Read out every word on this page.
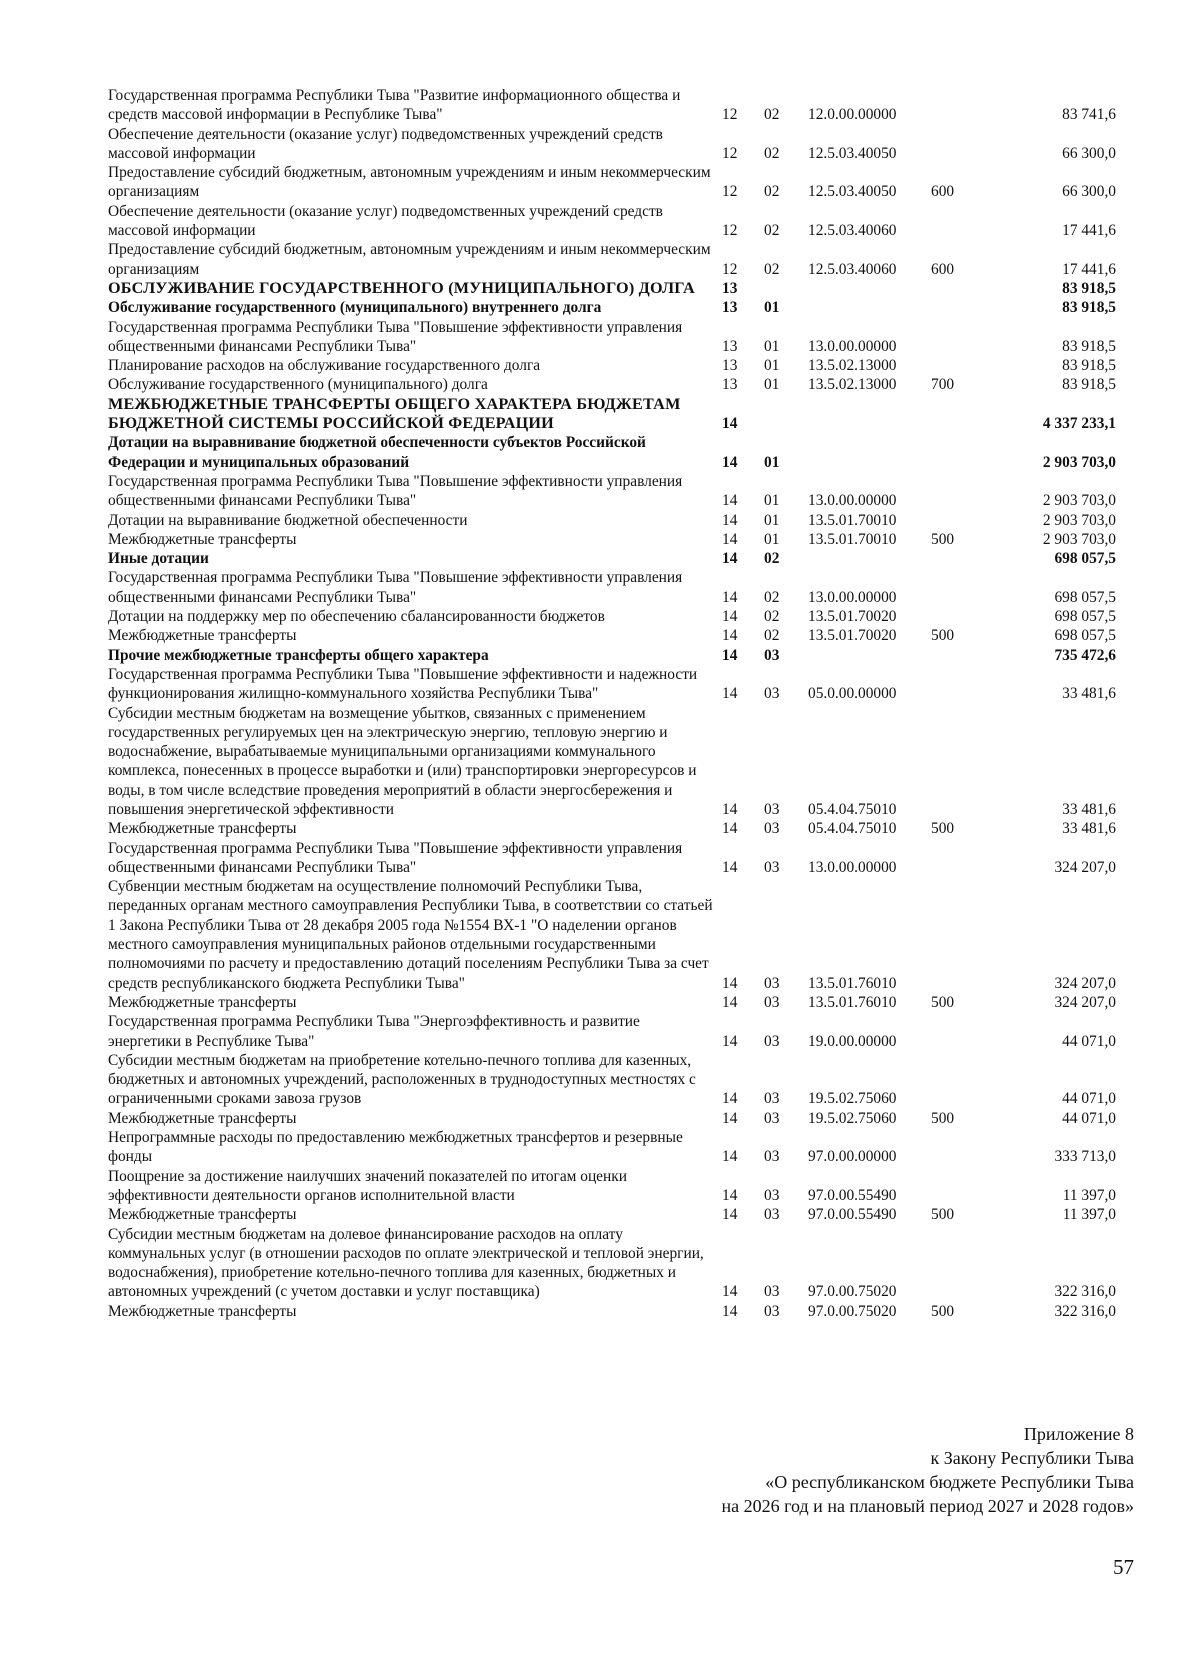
Государственная программа Республики Тыва "Развитие информационного общества и средств массовой информации в Республике Тыва"	12	02	12.0.00.00000		83 741,6
Обеспечение деятельности (оказание услуг) подведомственных учреждений средств массовой информации	12	02	12.5.03.40050		66 300,0
Предоставление субсидий бюджетным, автономным учреждениям и иным некоммерческим организациям	12	02	12.5.03.40050	600	66 300,0
Обеспечение деятельности (оказание услуг) подведомственных учреждений средств массовой информации	12	02	12.5.03.40060		17 441,6
Предоставление субсидий бюджетным, автономным учреждениям и иным некоммерческим организациям	12	02	12.5.03.40060	600	17 441,6
ОБСЛУЖИВАНИЕ ГОСУДАРСТВЕННОГО (МУНИЦИПАЛЬНОГО) ДОЛГА	13				83 918,5
Обслуживание государственного (муниципального) внутреннего долга	13	01			83 918,5
Государственная программа Республики Тыва "Повышение эффективности управления общественными финансами Республики Тыва"	13	01	13.0.00.00000		83 918,5
Планирование расходов на обслуживание государственного долга	13	01	13.5.02.13000		83 918,5
Обслуживание государственного (муниципального) долга	13	01	13.5.02.13000	700	83 918,5
МЕЖБЮДЖЕТНЫЕ ТРАНСФЕРТЫ ОБЩЕГО ХАРАКТЕРА БЮДЖЕТАМ БЮДЖЕТНОЙ СИСТЕМЫ РОССИЙСКОЙ ФЕДЕРАЦИИ	14				4 337 233,1
Дотации на выравнивание бюджетной обеспеченности субъектов Российской Федерации и муниципальных образований	14	01			2 903 703,0
Государственная программа Республики Тыва "Повышение эффективности управления общественными финансами Республики Тыва"	14	01	13.0.00.00000		2 903 703,0
Дотации на выравнивание бюджетной обеспеченности	14	01	13.5.01.70010		2 903 703,0
Межбюджетные трансферты	14	01	13.5.01.70010	500	2 903 703,0
Иные дотации	14	02			698 057,5
Государственная программа Республики Тыва "Повышение эффективности управления общественными финансами Республики Тыва"	14	02	13.0.00.00000		698 057,5
Дотации на поддержку мер по обеспечению сбалансированности бюджетов	14	02	13.5.01.70020		698 057,5
Межбюджетные трансферты	14	02	13.5.01.70020	500	698 057,5
Прочие межбюджетные трансферты общего характера	14	03			735 472,6
Государственная программа Республики Тыва "Повышение эффективности и надежности функционирования жилищно-коммунального хозяйства Республики Тыва"	14	03	05.0.00.00000		33 481,6
Субсидии местным бюджетам на возмещение убытков, связанных с применением государственных регулируемых цен на электрическую энергию, тепловую энергию и водоснабжение, вырабатываемые муниципальными организациями коммунального комплекса, понесенных в процессе выработки и (или) транспортировки энергоресурсов и воды, в том числе вследствие проведения мероприятий в области энергосбережения и повышения энергетической эффективности	14	03	05.4.04.75010		33 481,6
Межбюджетные трансферты	14	03	05.4.04.75010	500	33 481,6
Государственная программа Республики Тыва "Повышение эффективности управления общественными финансами Республики Тыва"	14	03	13.0.00.00000		324 207,0
Субвенции местным бюджетам на осуществление полномочий Республики Тыва, переданных органам местного самоуправления Республики Тыва, в соответствии со статьей 1 Закона Республики Тыва от 28 декабря 2005 года №1554 ВХ-1 "О наделении органов местного самоуправления муниципальных районов отдельными государственными полномочиями по расчету и предоставлению дотаций поселениям Республики Тыва за счет средств республиканского бюджета Республики Тыва"	14	03	13.5.01.76010		324 207,0
Межбюджетные трансферты	14	03	13.5.01.76010	500	324 207,0
Государственная программа Республики Тыва "Энергоэффективность и развитие энергетики в Республике Тыва"	14	03	19.0.00.00000		44 071,0
Субсидии местным бюджетам на приобретение котельно-печного топлива для казенных, бюджетных и автономных учреждений, расположенных в труднодоступных местностях с ограниченными сроками завоза грузов	14	03	19.5.02.75060		44 071,0
Межбюджетные трансферты	14	03	19.5.02.75060	500	44 071,0
Непрограммные расходы по предоставлению межбюджетных трансфертов и резервные фонды	14	03	97.0.00.00000		333 713,0
Поощрение за достижение наилучших значений показателей по итогам оценки эффективности деятельности органов исполнительной власти	14	03	97.0.00.55490		11 397,0
Межбюджетные трансферты	14	03	97.0.00.55490	500	11 397,0
Субсидии местным бюджетам на долевое финансирование расходов на оплату коммунальных услуг (в отношении расходов по оплате электрической и тепловой энергии, водоснабжения), приобретение котельно-печного топлива для казенных, бюджетных и автономных учреждений (с учетом доставки и услуг поставщика)	14	03	97.0.00.75020		322 316,0
Межбюджетные трансферты	14	03	97.0.00.75020	500	322 316,0
Приложение 8
к Закону Республики Тыва
«О республиканском бюджете Республики Тыва
на 2026 год и на плановый период 2027 и 2028 годов»
57
